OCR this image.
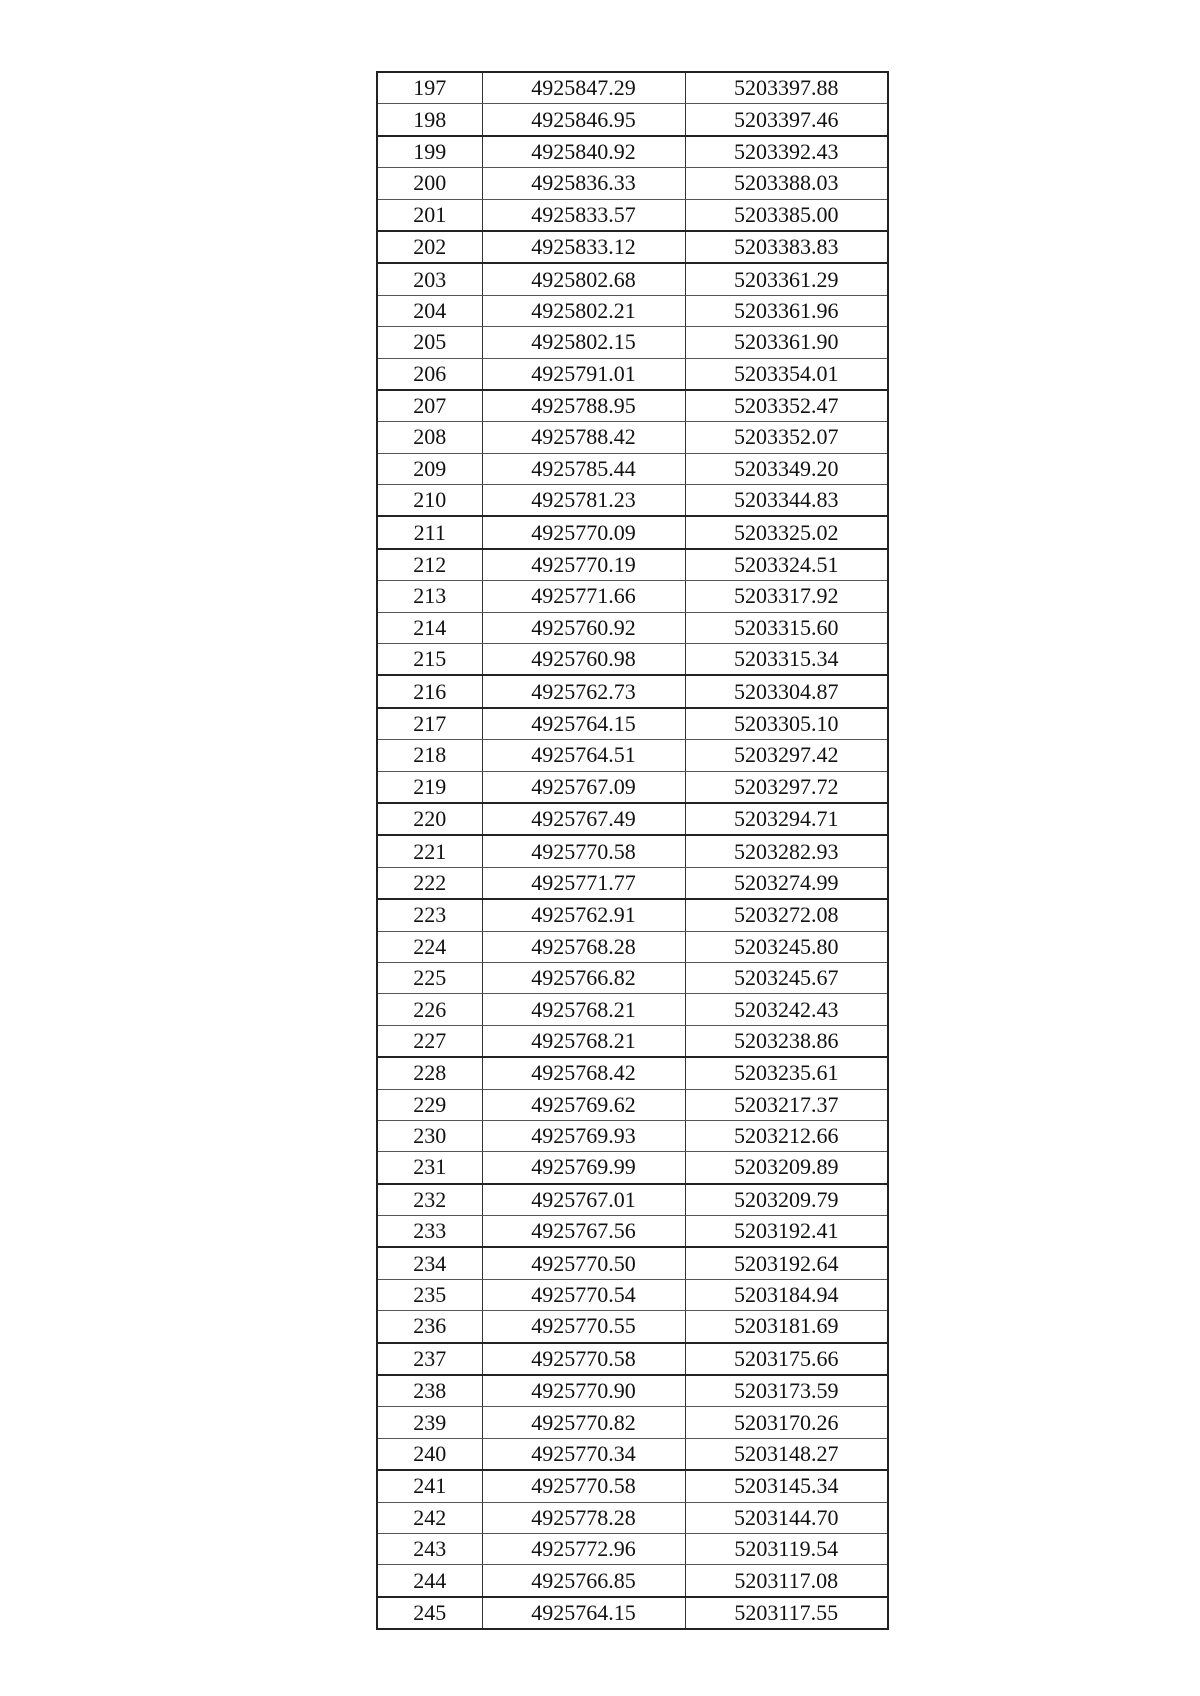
197	4925847.29	5203397.88
198	4925846.95	5203397.46
199	4925840.92	5203392.43
200	4925836.33	5203388.03
201	4925833.57	5203385.00
202	4925833.12	5203383.83
203	4925802.68	5203361.29
204	4925802.21	5203361.96
205	4925802.15	5203361.90
206	4925791.01	5203354.01
207	4925788.95	5203352.47
208	4925788.42	5203352.07
209	4925785.44	5203349.20
210	4925781.23	5203344.83
211	4925770.09	5203325.02
212	4925770.19	5203324.51
213	4925771.66	5203317.92
214	4925760.92	5203315.60
215	4925760.98	5203315.34
216	4925762.73	5203304.87
217	4925764.15	5203305.10
218	4925764.51	5203297.42
219	4925767.09	5203297.72
220	4925767.49	5203294.71
221	4925770.58	5203282.93
222	4925771.77	5203274.99
223	4925762.91	5203272.08
224	4925768.28	5203245.80
225	4925766.82	5203245.67
226	4925768.21	5203242.43
227	4925768.21	5203238.86
228	4925768.42	5203235.61
229	4925769.62	5203217.37
230	4925769.93	5203212.66
231	4925769.99	5203209.89
232	4925767.01	5203209.79
233	4925767.56	5203192.41
234	4925770.50	5203192.64
235	4925770.54	5203184.94
236	4925770.55	5203181.69
237	4925770.58	5203175.66
238	4925770.90	5203173.59
239	4925770.82	5203170.26
240	4925770.34	5203148.27
241	4925770.58	5203145.34
242	4925778.28	5203144.70
243	4925772.96	5203119.54
244	4925766.85	5203117.08
245	4925764.15	5203117.55
